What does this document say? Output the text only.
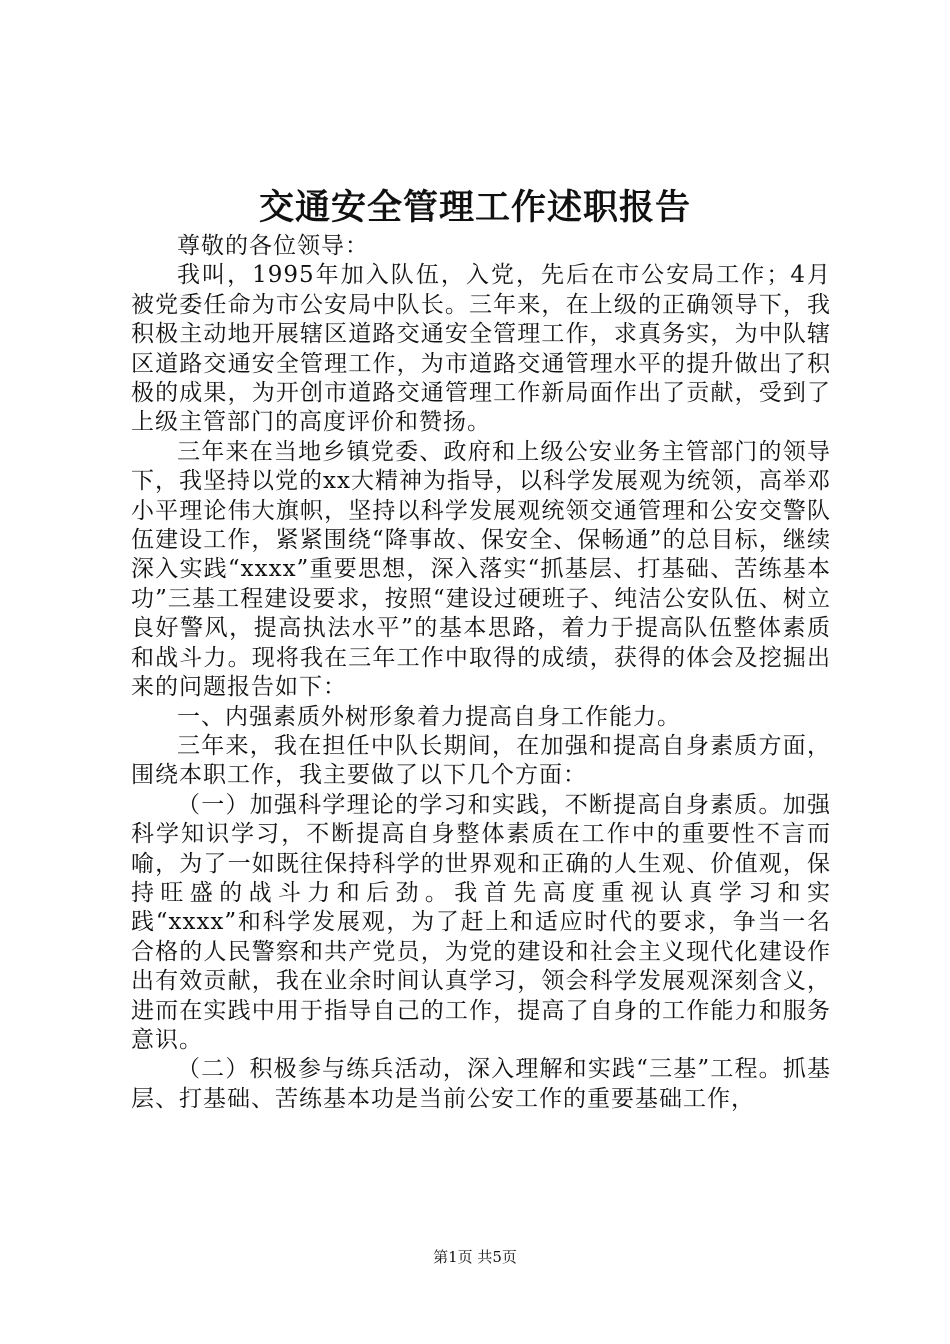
交通安全管理工作述职报告

尊敬的各位领导：

我叫，1995年加入队伍，入党，先后在市公安局工作；4月被党委任命为市公安局中队长。三年来，在上级的正确领导下，我积极主动地开展辖区道路交通安全管理工作，求真务实，为中队辖区道路交通安全管理工作，为市道路交通管理水平的提升做出了积极的成果，为开创市道路交通管理工作新局面作出了贡献，受到了上级主管部门的高度评价和赞扬。

三年来在当地乡镇党委、政府和上级公安业务主管部门的领导下，我坚持以党的xx大精神为指导，以科学发展观为统领，高举邓小平理论伟大旗帜，坚持以科学发展观统领交通管理和公安交警队伍建设工作，紧紧围绕“降事故、保安全、保畅通”的总目标，继续深入实践“xxxx”重要思想，深入落实“抓基层、打基础、苦练基本功”三基工程建设要求，按照“建设过硬班子、纯洁公安队伍、树立良好警风，提高执法水平”的基本思路，着力于提高队伍整体素质和战斗力。现将我在三年工作中取得的成绩，获得的体会及挖掘出来的问题报告如下：

一、内强素质外树形象着力提高自身工作能力。

三年来，我在担任中队长期间，在加强和提高自身素质方面，围绕本职工作，我主要做了以下几个方面：

（一）加强科学理论的学习和实践，不断提高自身素质。加强科学知识学习，不断提高自身整体素质在工作中的重要性不言而喻，为了一如既往保持科学的世界观和正确的人生观、价值观，保持旺盛的战斗力和后劲。我首先高度重视认真学习和实践“xxxx”和科学发展观，为了赶上和适应时代的要求，争当一名合格的人民警察和共产党员，为党的建设和社会主义现代化建设作出有效贡献，我在业余时间认真学习，领会科学发展观深刻含义，进而在实践中用于指导自己的工作，提高了自身的工作能力和服务意识。

（二）积极参与练兵活动，深入理解和实践“三基”工程。抓基层、打基础、苦练基本功是当前公安工作的重要基础工作，

第1页 共5页
